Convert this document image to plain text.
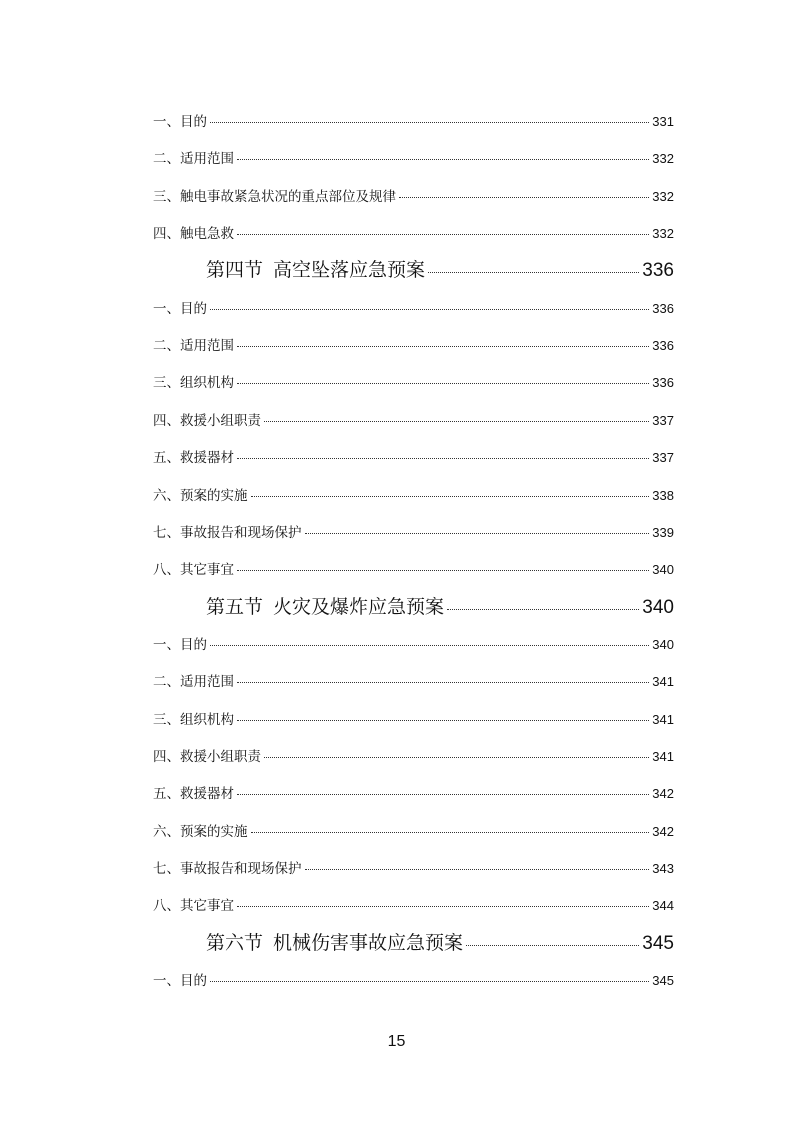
一、目的	331
二、适用范围	332
三、触电事故紧急状况的重点部位及规律	332
四、触电急救	332
第四节 高空坠落应急预案	336
一、目的	336
二、适用范围	336
三、组织机构	336
四、救援小组职责	337
五、救援器材	337
六、预案的实施	338
七、事故报告和现场保护	339
八、其它事宜	340
第五节 火灾及爆炸应急预案	340
一、目的	340
二、适用范围	341
三、组织机构	341
四、救援小组职责	341
五、救援器材	342
六、预案的实施	342
七、事故报告和现场保护	343
八、其它事宜	344
第六节 机械伤害事故应急预案	345
一、目的	345
15
